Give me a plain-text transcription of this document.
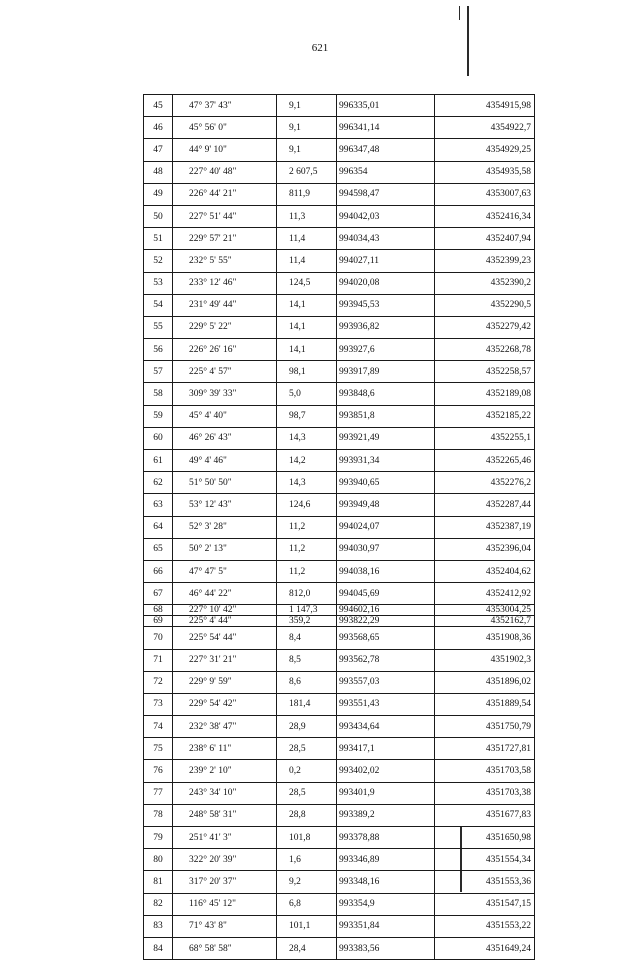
621
45	47° 37' 43"	9,1	996335,01	4354915,98
46	45° 56' 0"	9,1	996341,14	4354922,7
47	44° 9' 10"	9,1	996347,48	4354929,25
48	227° 40' 48"	2 607,5	996354	4354935,58
49	226° 44' 21"	811,9	994598,47	4353007,63
50	227° 51' 44"	11,3	994042,03	4352416,34
51	229° 57' 21"	11,4	994034,43	4352407,94
52	232° 5' 55"	11,4	994027,11	4352399,23
53	233° 12' 46"	124,5	994020,08	4352390,2
54	231° 49' 44"	14,1	993945,53	4352290,5
55	229° 5' 22"	14,1	993936,82	4352279,42
56	226° 26' 16"	14,1	993927,6	4352268,78
57	225° 4' 57"	98,1	993917,89	4352258,57
58	309° 39' 33"	5,0	993848,6	4352189,08
59	45° 4' 40"	98,7	993851,8	4352185,22
60	46° 26' 43"	14,3	993921,49	4352255,1
61	49° 4' 46"	14,2	993931,34	4352265,46
62	51° 50' 50"	14,3	993940,65	4352276,2
63	53° 12' 43"	124,6	993949,48	4352287,44
64	52° 3' 28"	11,2	994024,07	4352387,19
65	50° 2' 13"	11,2	994030,97	4352396,04
66	47° 47' 5"	11,2	994038,16	4352404,62
67	46° 44' 22"	812,0	994045,69	4352412,92
68	227° 10' 42"	1 147,3	994602,16	4353004,25
69	225° 4' 44"	359,2	993822,29	4352162,7
70	225° 54' 44"	8,4	993568,65	4351908,36
71	227° 31' 21"	8,5	993562,78	4351902,3
72	229° 9' 59"	8,6	993557,03	4351896,02
73	229° 54' 42"	181,4	993551,43	4351889,54
74	232° 38' 47"	28,9	993434,64	4351750,79
75	238° 6' 11"	28,5	993417,1	4351727,81
76	239° 2' 10"	0,2	993402,02	4351703,58
77	243° 34' 10"	28,5	993401,9	4351703,38
78	248° 58' 31"	28,8	993389,2	4351677,83
79	251° 41' 3"	101,8	993378,88	4351650,98
80	322° 20' 39"	1,6	993346,89	4351554,34
81	317° 20' 37"	9,2	993348,16	4351553,36
82	116° 45' 12"	6,8	993354,9	4351547,15
83	71° 43' 8"	101,1	993351,84	4351553,22
84	68° 58' 58"	28,4	993383,56	4351649,24
